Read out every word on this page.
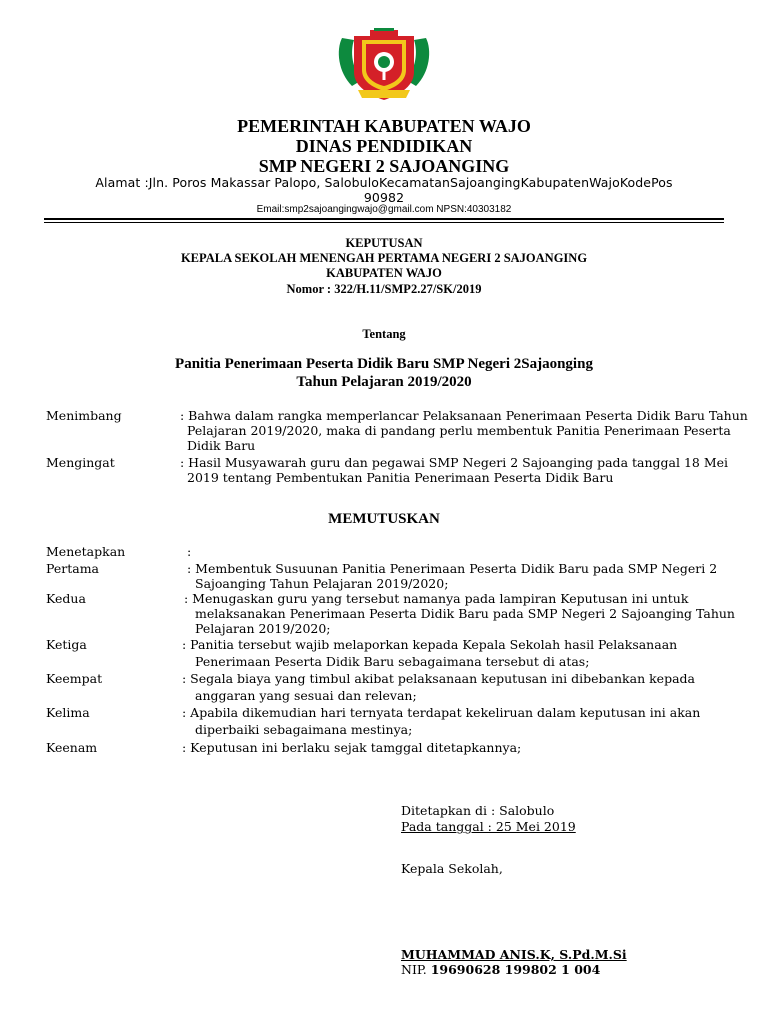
PEMERINTAH KABUPATEN WAJO
DINAS PENDIDIKAN
SMP NEGERI 2 SAJOANGING
Alamat :Jln. Poros Makassar Palopo, SalobuloKecamatanSajoangingKabupatenWajoKodePos
90982
Email:smp2sajoangingwajo@gmail.com NPSN:40303182
KEPUTUSAN
KEPALA SEKOLAH MENENGAH PERTAMA NEGERI 2 SAJOANGING
KABUPATEN WAJO
Nomor : 322/H.11/SMP2.27/SK/2019
Tentang
Panitia Penerimaan Peserta Didik Baru SMP Negeri 2Sajaonging
Tahun Pelajaran 2019/2020
Menimbang	: Bahwa dalam rangka memperlancar Pelaksanaan Penerimaan Peserta Didik Baru Tahun
Pelajaran 2019/2020, maka di pandang perlu membentuk Panitia Penerimaan Peserta
Didik Baru
Mengingat	: Hasil Musyawarah guru dan pegawai SMP Negeri 2 Sajoanging pada tanggal 18 Mei
2019 tentang Pembentukan Panitia Penerimaan Peserta Didik Baru
MEMUTUSKAN
Menetapkan	:
Pertama	: Membentuk Susuunan Panitia Penerimaan Peserta Didik Baru pada SMP Negeri 2
Sajoanging Tahun Pelajaran 2019/2020;
Kedua	: Menugaskan guru yang tersebut namanya pada lampiran Keputusan ini untuk
melaksanakan Penerimaan Peserta Didik Baru pada SMP Negeri 2 Sajoanging Tahun
Pelajaran 2019/2020;
Ketiga	: Panitia tersebut wajib melaporkan kepada Kepala Sekolah hasil Pelaksanaan
Penerimaan Peserta Didik Baru sebagaimana tersebut di atas;
Keempat	: Segala biaya yang timbul akibat pelaksanaan keputusan ini dibebankan kepada
anggaran yang sesuai dan relevan;
Kelima	: Apabila dikemudian hari ternyata terdapat kekeliruan dalam keputusan ini akan
diperbaiki sebagaimana mestinya;
Keenam	: Keputusan ini berlaku sejak tamggal ditetapkannya;
Ditetapkan di : Salobulo
Pada tanggal : 25 Mei 2019
Kepala Sekolah,
MUHAMMAD ANIS.K, S.Pd.M.Si
NIP. 19690628 199802 1 004
